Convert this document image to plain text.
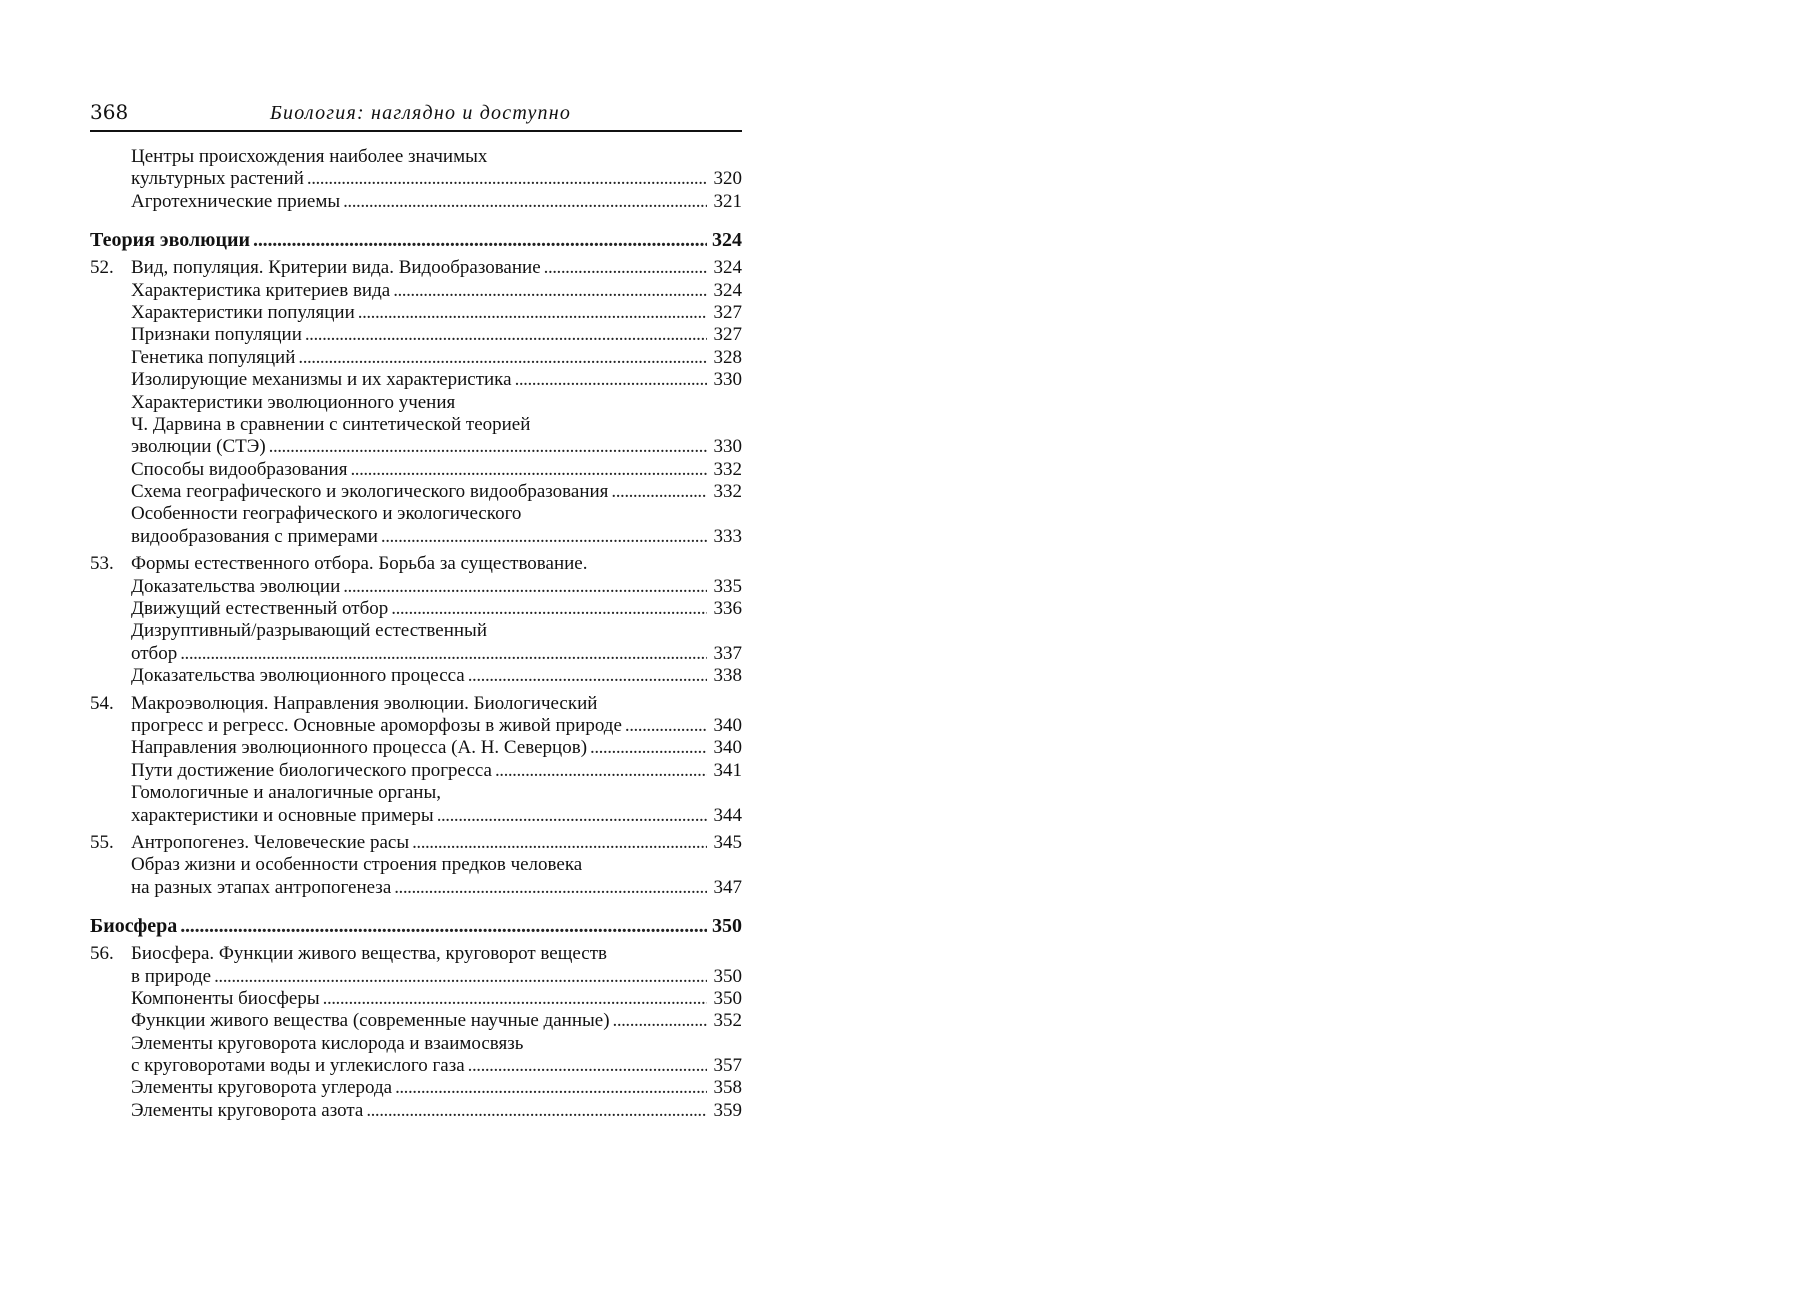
368	Биология: наглядно и доступно
Центры происхождения наиболее значимых
культурных растений . . .	320
Агротехнические приемы . . .	321
Теория эволюции . . .	324
52. Вид, популяция. Критерии вида. Видообразование . . .	324
Характеристика критериев вида . . .	324
Характеристики популяции . . .	327
Признаки популяции . . .	327
Генетика популяций . . .	328
Изолирующие механизмы и их характеристика . . .	330
Характеристики эволюционного учения
Ч. Дарвина в сравнении с синтетической теорией
эволюции (СТЭ) . . .	330
Способы видообразования . . .	332
Схема географического и экологического видообразования . . .	332
Особенности географического и экологического
видообразования с примерами . . .	333
53. Формы естественного отбора. Борьба за существование.
Доказательства эволюции . . .	335
Движущий естественный отбор . . .	336
Дизруптивный/разрывающий естественный
отбор . . .	337
Доказательства эволюционного процесса . . .	338
54. Макроэволюция. Направления эволюции. Биологический
прогресс и регресс. Основные ароморфозы в живой природе . . .	340
Направления эволюционного процесса (А. Н. Северцов) . . .	340
Пути достижение биологического прогресса . . .	341
Гомологичные и аналогичные органы,
характеристики и основные примеры . . .	344
55. Антропогенез. Человеческие расы . . .	345
Образ жизни и особенности строения предков человека
на разных этапах антропогенеза . . .	347
Биосфера . . .	350
56. Биосфера. Функции живого вещества, круговорот веществ
в природе . . .	350
Компоненты биосферы . . .	350
Функции живого вещества (современные научные данные) . . .	352
Элементы круговорота кислорода и взаимосвязь
с круговоротами воды и углекислого газа . . .	357
Элементы круговорота углерода . . .	358
Элементы круговорота азота . . .	359
